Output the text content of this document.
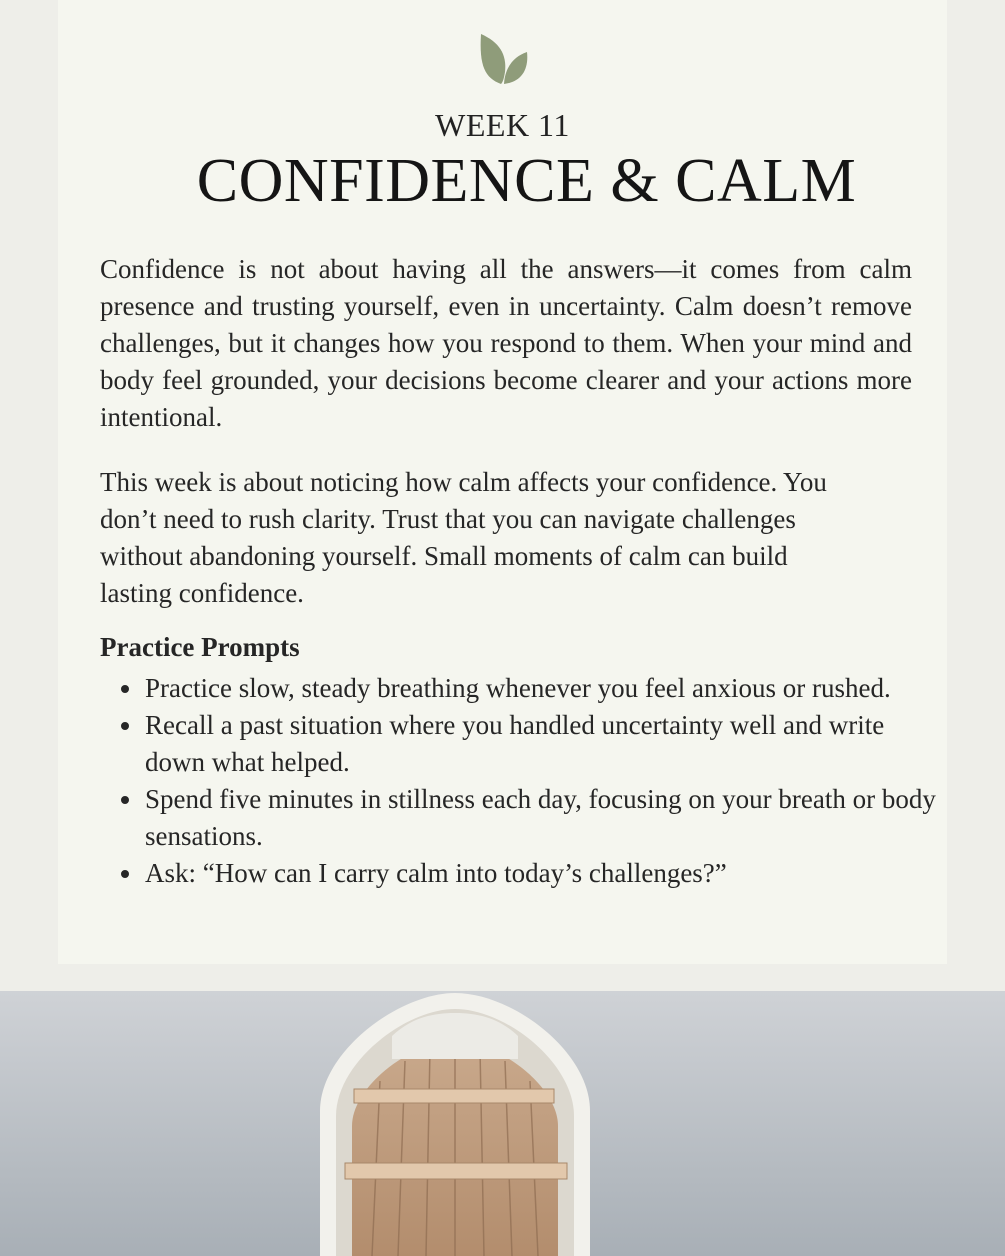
WEEK 11
CONFIDENCE & CALM

Confidence is not about having all the answers—it comes from calm presence and trusting yourself, even in uncertainty. Calm doesn’t remove challenges, but it changes how you respond to them. When your mind and body feel grounded, your decisions become clearer and your actions more intentional.

This week is about noticing how calm affects your confidence. You
don’t need to rush clarity. Trust that you can navigate challenges
without abandoning yourself. Small moments of calm can build
lasting confidence.

Practice Prompts
Practice slow, steady breathing whenever you feel anxious or rushed.
Recall a past situation where you handled uncertainty well and write down what helped.
Spend five minutes in stillness each day, focusing on your breath or body sensations.
Ask: “How can I carry calm into today’s challenges?”
